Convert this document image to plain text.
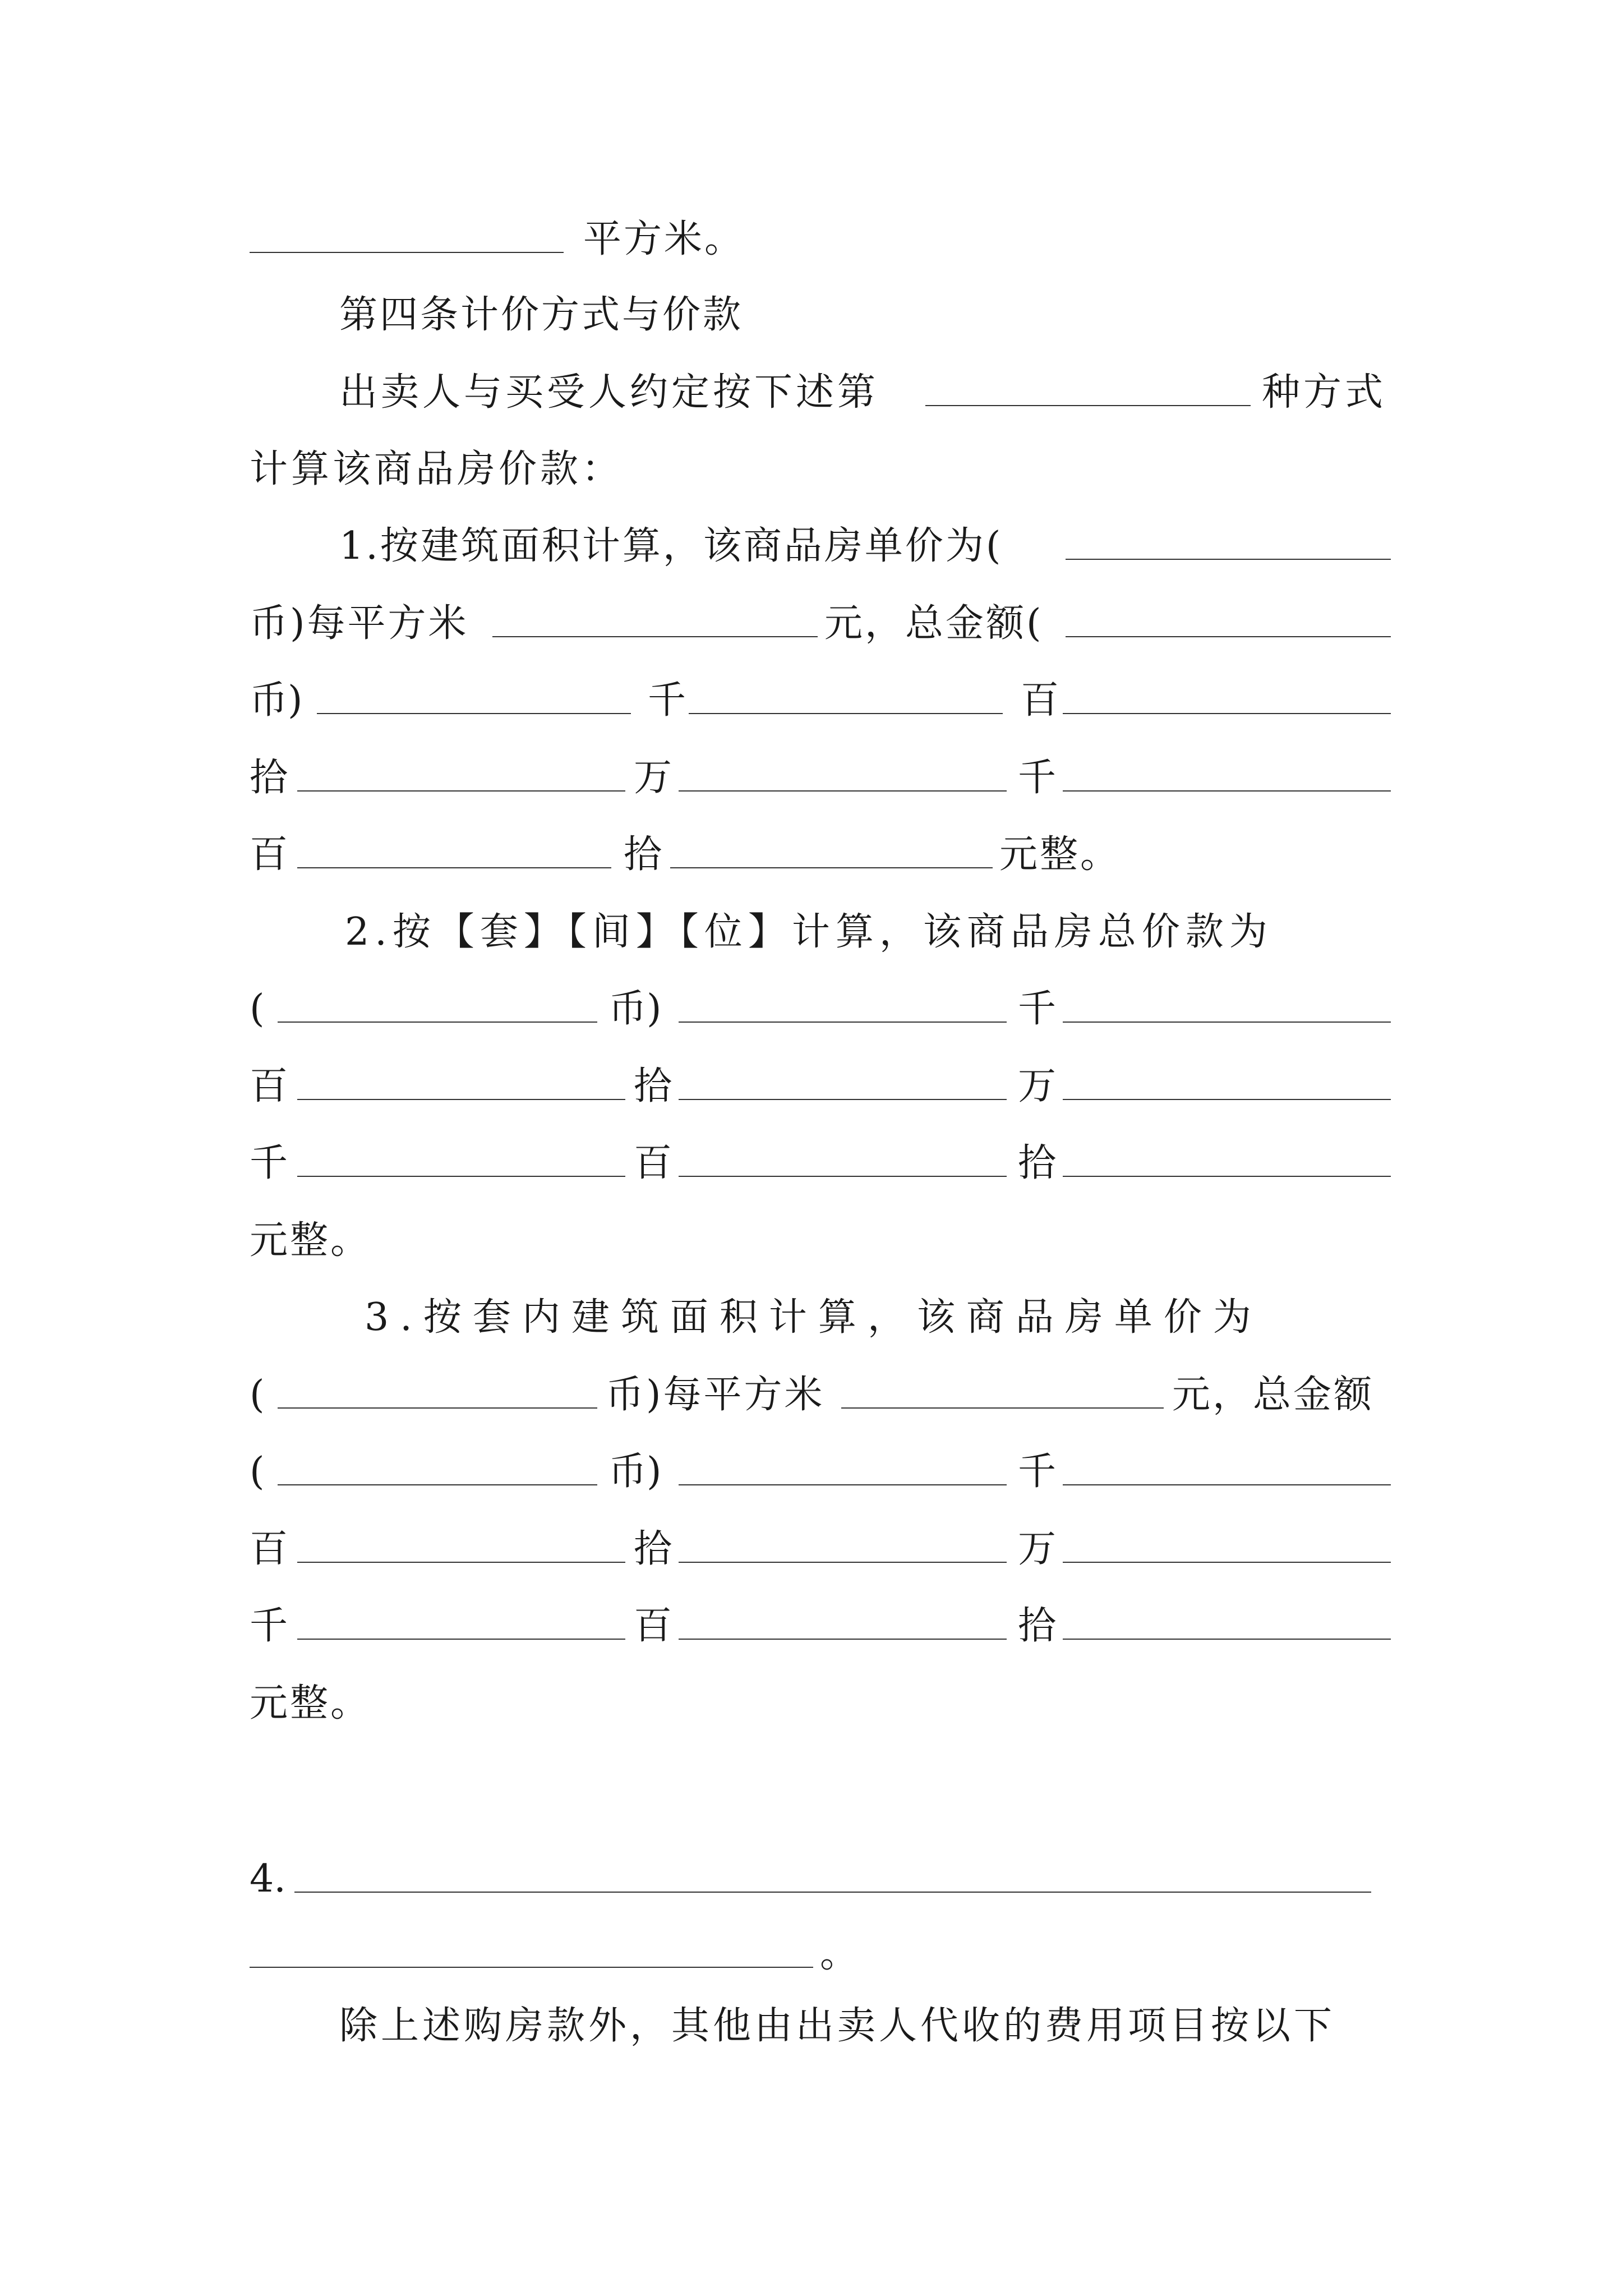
平方米。
第四条计价方式与价款
出卖人与买受人约定按下述第	种方式
计算该商品房价款：
1.按建筑面积计算，该商品房单价为(
币)每平方米	元，总金额(
币)	千	百
拾	万	千
百	拾	元整。
2.按【套】【间】【位】计算，该商品房总价款为
(	币)	千
百	拾	万
千	百	拾
元整。
3.按套内建筑面积计算，该商品房单价为
(	币)每平方米	元，总金额
(	币)	千
百	拾	万
千	百	拾
元整。
4.
。
除上述购房款外，其他由出卖人代收的费用项目按以下
